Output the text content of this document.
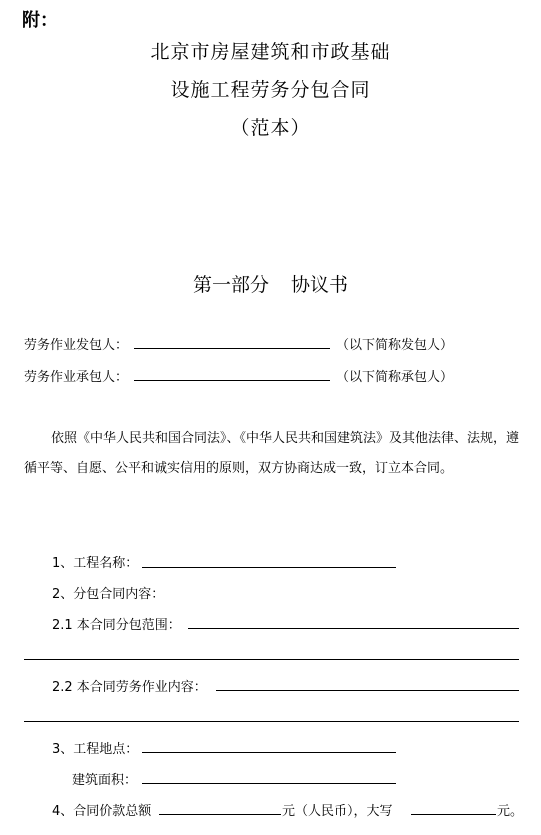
附：
北京市房屋建筑和市政基础
设施工程劳务分包合同
（范本）
第一部分 协议书
劳务作业发包人：	（以下简称发包人）
劳务作业承包人：	（以下简称承包人）
依照《中华人民共和国合同法》、《中华人民共和国建筑法》及其他法律、法规，遵循平等、自愿、公平和诚实信用的原则，双方协商达成一致，订立本合同。
1、工程名称：
2、分包合同内容：
2.1 本合同分包范围：
2.2 本合同劳务作业内容：
3、工程地点：
建筑面积：
4、合同价款总额	元（人民币），大写	元。
